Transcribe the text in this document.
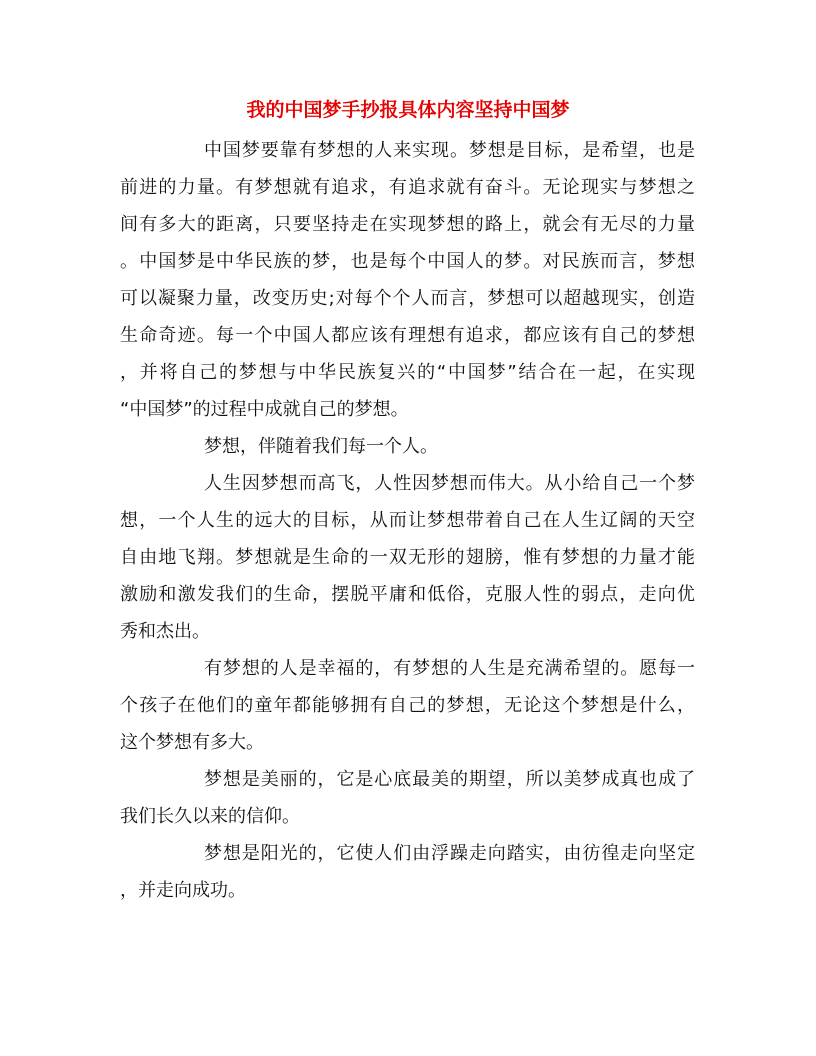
我的中国梦手抄报具体内容坚持中国梦
中国梦要靠有梦想的人来实现。梦想是目标，是希望，也是
前进的力量。有梦想就有追求，有追求就有奋斗。无论现实与梦想之
间有多大的距离，只要坚持走在实现梦想的路上，就会有无尽的力量
。中国梦是中华民族的梦，也是每个中国人的梦。对民族而言，梦想
可以凝聚力量，改变历史;对每个个人而言，梦想可以超越现实，创造
生命奇迹。每一个中国人都应该有理想有追求，都应该有自己的梦想
，并将自己的梦想与中华民族复兴的“中国梦”结合在一起，在实现
“中国梦”的过程中成就自己的梦想。
梦想，伴随着我们每一个人。
人生因梦想而高飞，人性因梦想而伟大。从小给自己一个梦
想，一个人生的远大的目标，从而让梦想带着自己在人生辽阔的天空
自由地飞翔。梦想就是生命的一双无形的翅膀，惟有梦想的力量才能
激励和激发我们的生命，摆脱平庸和低俗，克服人性的弱点，走向优
秀和杰出。
有梦想的人是幸福的，有梦想的人生是充满希望的。愿每一
个孩子在他们的童年都能够拥有自己的梦想，无论这个梦想是什么，
这个梦想有多大。
梦想是美丽的，它是心底最美的期望，所以美梦成真也成了
我们长久以来的信仰。
梦想是阳光的，它使人们由浮躁走向踏实，由彷徨走向坚定
，并走向成功。
